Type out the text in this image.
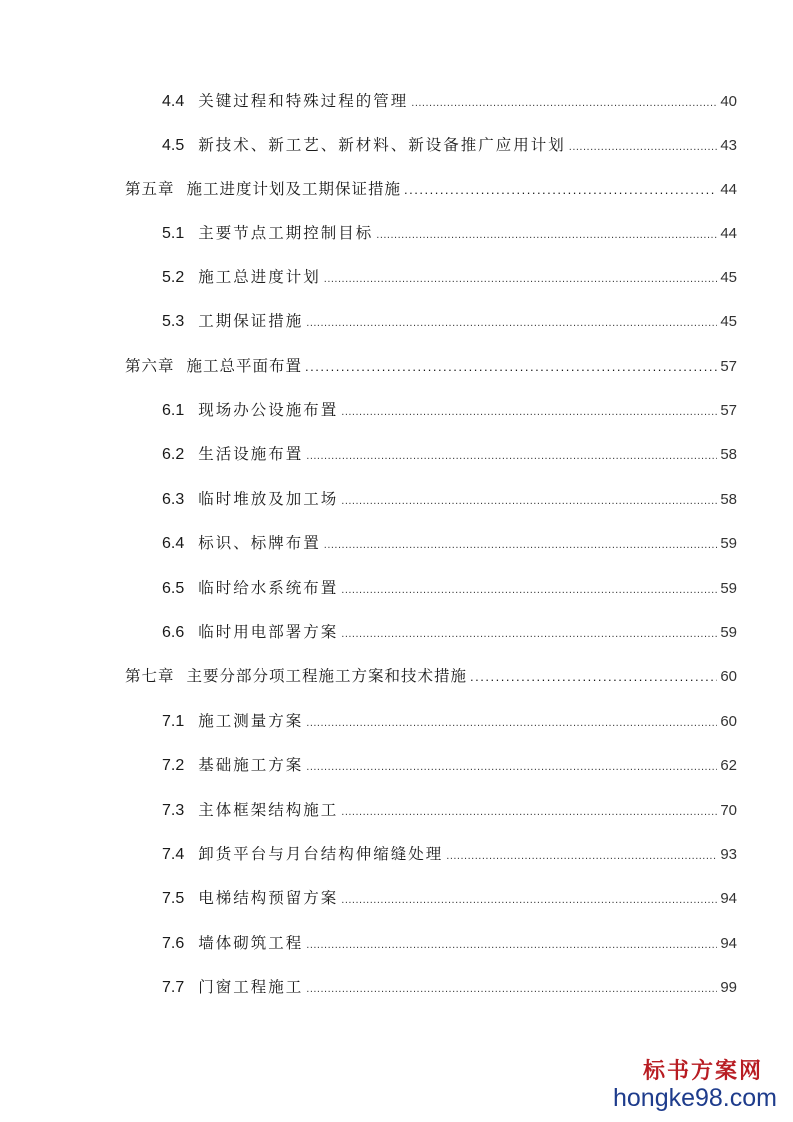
4.4 关键过程和特殊过程的管理 .....	40
4.5 新技术、新工艺、新材料、新设备推广应用计划 .....	43
第五章 施工进度计划及工期保证措施 .....	44
5.1 主要节点工期控制目标 .....	44
5.2 施工总进度计划 .....	45
5.3 工期保证措施 .....	45
第六章 施工总平面布置 .....	57
6.1 现场办公设施布置 .....	57
6.2 生活设施布置 .....	58
6.3 临时堆放及加工场 .....	58
6.4 标识、标牌布置 .....	59
6.5 临时给水系统布置 .....	59
6.6 临时用电部署方案 .....	59
第七章 主要分部分项工程施工方案和技术措施 .....	60
7.1 施工测量方案 .....	60
7.2 基础施工方案 .....	62
7.3 主体框架结构施工 .....	70
7.4 卸货平台与月台结构伸缩缝处理 .....	93
7.5 电梯结构预留方案 .....	94
7.6 墙体砌筑工程 .....	94
7.7 门窗工程施工 .....	99
标书方案网
hongke98.com
